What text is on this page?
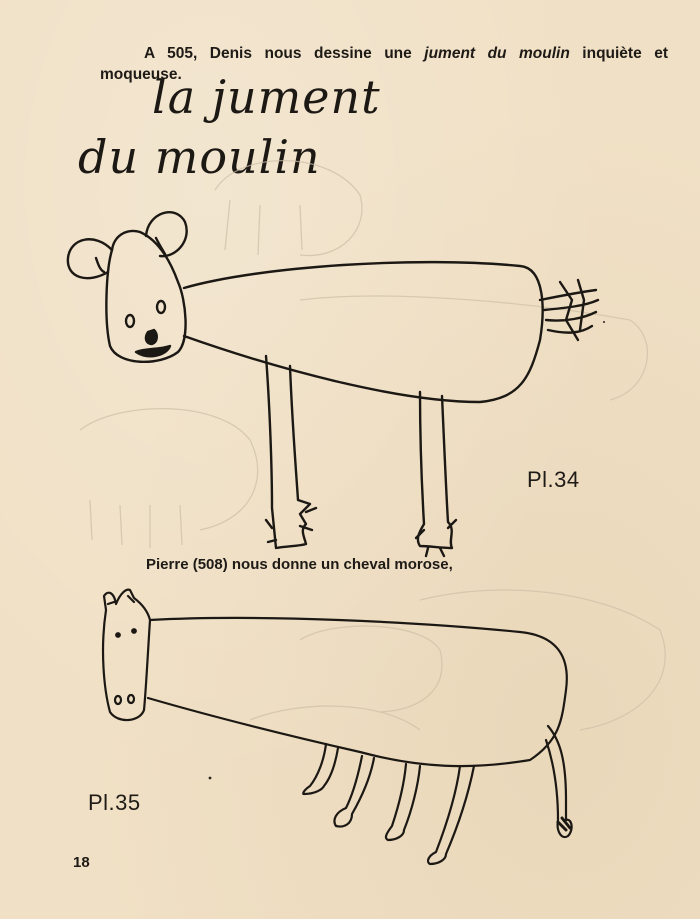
A 505, Denis nous dessine une jument du moulin inquiète et moqueuse.

la jument
du moulin
Pl.34
Pierre (508) nous donne un cheval morose,
Pl.35
18
